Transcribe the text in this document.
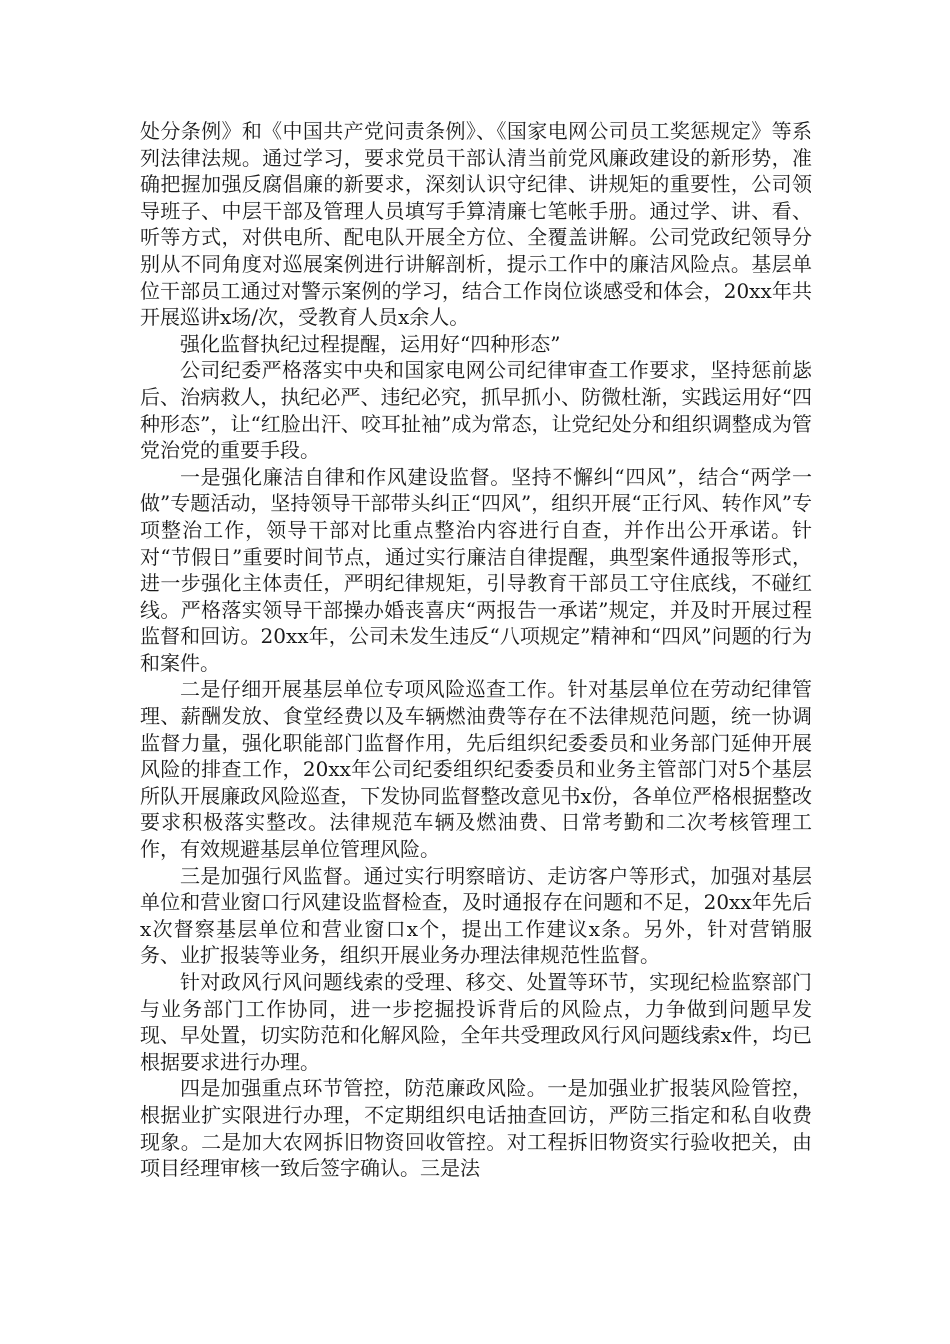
处分条例》和《中国共产党问责条例》、《国家电网公司员工奖惩规定》等系列法律法规。通过学习，要求党员干部认清当前党风廉政建设的新形势，准确把握加强反腐倡廉的新要求，深刻认识守纪律、讲规矩的重要性，公司领导班子、中层干部及管理人员填写手算清廉七笔帐手册。通过学、讲、看、听等方式，对供电所、配电队开展全方位、全覆盖讲解。公司党政纪领导分别从不同角度对巡展案例进行讲解剖析，提示工作中的廉洁风险点。基层单位干部员工通过对警示案例的学习，结合工作岗位谈感受和体会，20xx年共开展巡讲x场/次，受教育人员x余人。

强化监督执纪过程提醒，运用好“四种形态”

公司纪委严格落实中央和国家电网公司纪律审查工作要求，坚持惩前毖后、治病救人，执纪必严、违纪必究，抓早抓小、防微杜渐，实践运用好“四种形态”，让“红脸出汗、咬耳扯袖”成为常态，让党纪处分和组织调整成为管党治党的重要手段。

一是强化廉洁自律和作风建设监督。坚持不懈纠“四风”，结合“两学一做”专题活动，坚持领导干部带头纠正“四风”，组织开展“正行风、转作风”专项整治工作，领导干部对比重点整治内容进行自查，并作出公开承诺。针对“节假日”重要时间节点，通过实行廉洁自律提醒，典型案件通报等形式，进一步强化主体责任，严明纪律规矩，引导教育干部员工守住底线，不碰红线。严格落实领导干部操办婚丧喜庆“两报告一承诺”规定，并及时开展过程监督和回访。20xx年，公司未发生违反“八项规定”精神和“四风”问题的行为和案件。

二是仔细开展基层单位专项风险巡查工作。针对基层单位在劳动纪律管理、薪酬发放、食堂经费以及车辆燃油费等存在不法律规范问题，统一协调监督力量，强化职能部门监督作用，先后组织纪委委员和业务部门延伸开展风险的排查工作，20xx年公司纪委组织纪委委员和业务主管部门对5个基层所队开展廉政风险巡查，下发协同监督整改意见书x份，各单位严格根据整改要求积极落实整改。法律规范车辆及燃油费、日常考勤和二次考核管理工作，有效规避基层单位管理风险。

三是加强行风监督。通过实行明察暗访、走访客户等形式，加强对基层单位和营业窗口行风建设监督检查，及时通报存在问题和不足，20xx年先后x次督察基层单位和营业窗口x个，提出工作建议x条。另外，针对营销服务、业扩报装等业务，组织开展业务办理法律规范性监督。

针对政风行风问题线索的受理、移交、处置等环节，实现纪检监察部门与业务部门工作协同，进一步挖掘投诉背后的风险点，力争做到问题早发现、早处置，切实防范和化解风险，全年共受理政风行风问题线索x件，均已根据要求进行办理。

四是加强重点环节管控，防范廉政风险。一是加强业扩报装风险管控，根据业扩实限进行办理，不定期组织电话抽查回访，严防三指定和私自收费现象。二是加大农网拆旧物资回收管控。对工程拆旧物资实行验收把关，由项目经理审核一致后签字确认。三是法
